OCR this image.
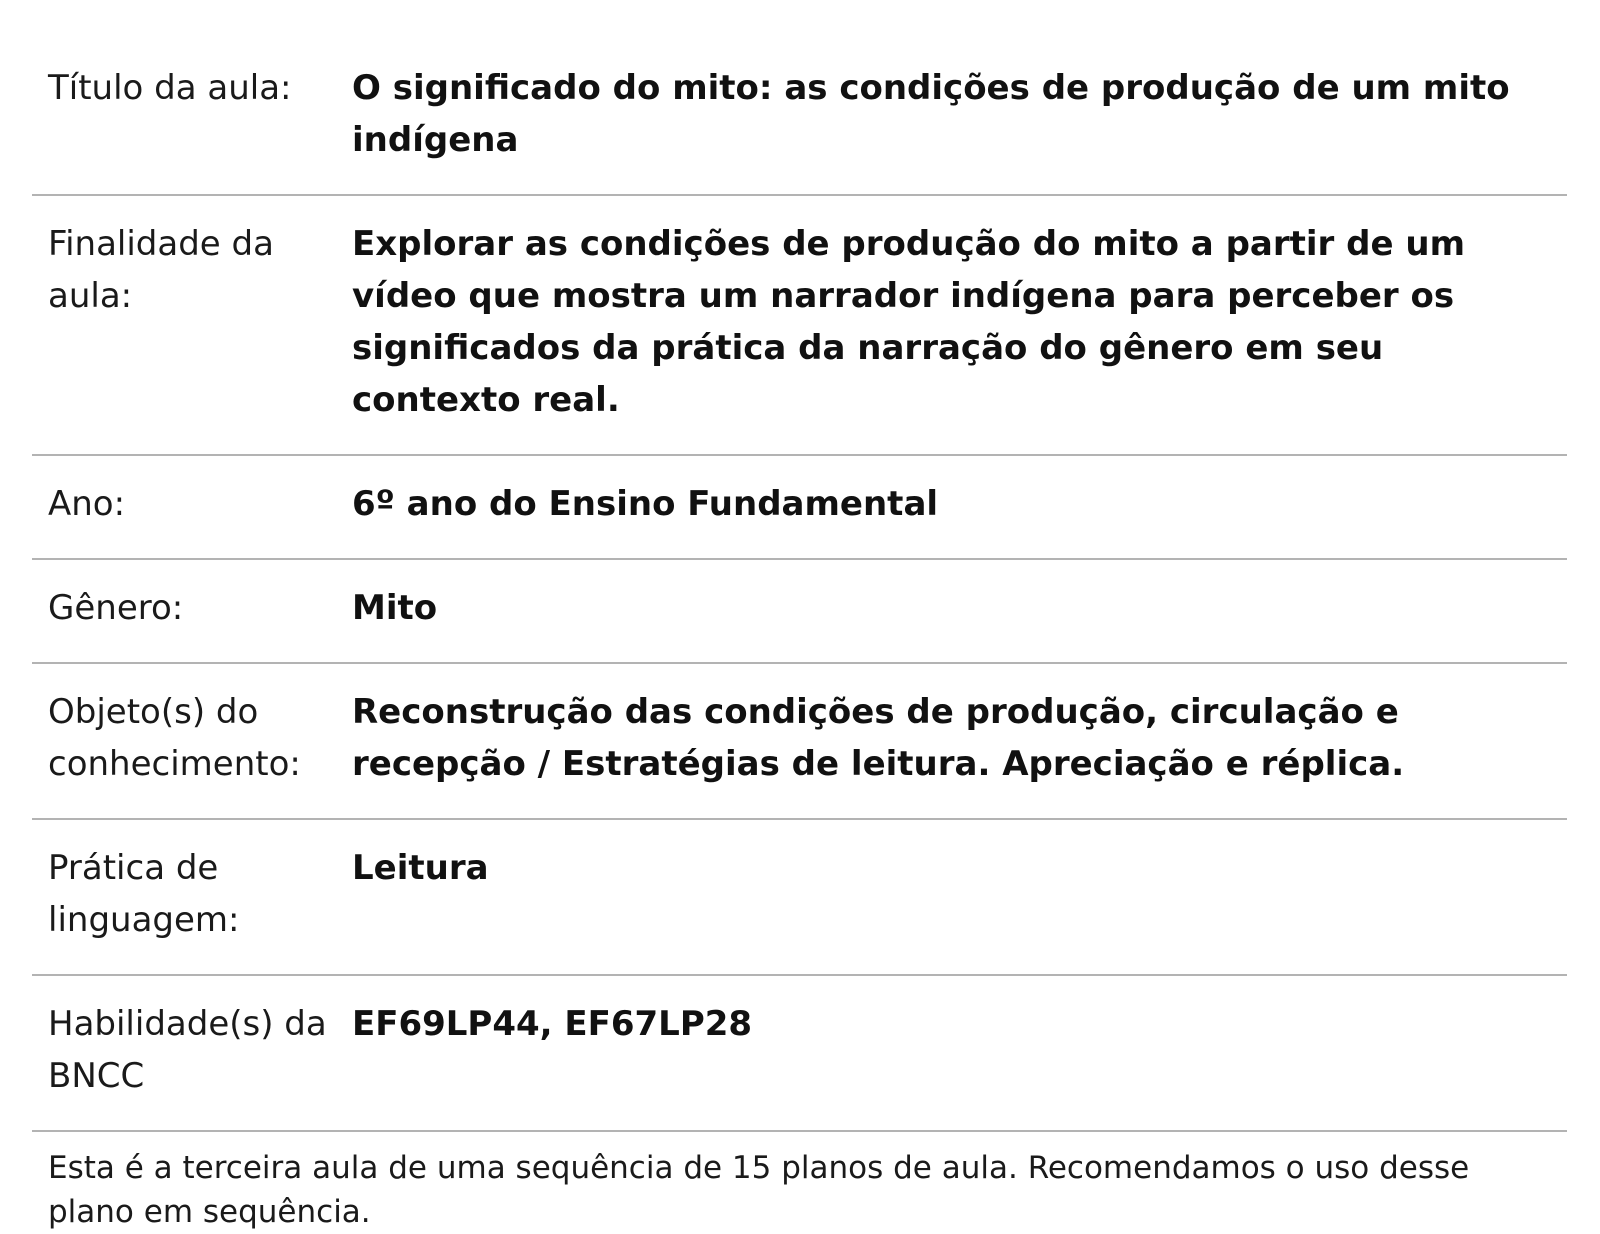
Título da aula:	O significado do mito: as condições de produção de um mito indígena
Finalidade da aula:	Explorar as condições de produção do mito a partir de um vídeo que mostra um narrador indígena para perceber os significados da prática da narração do gênero em seu contexto real.
Ano:	6º ano do Ensino Fundamental
Gênero:	Mito
Objeto(s) do conhecimento:	Reconstrução das condições de produção, circulação e recepção / Estratégias de leitura. Apreciação e réplica.
Prática de linguagem:	Leitura
Habilidade(s) da BNCC	EF69LP44, EF67LP28
Esta é a terceira aula de uma sequência de 15 planos de aula. Recomendamos o uso desse plano em sequência.
